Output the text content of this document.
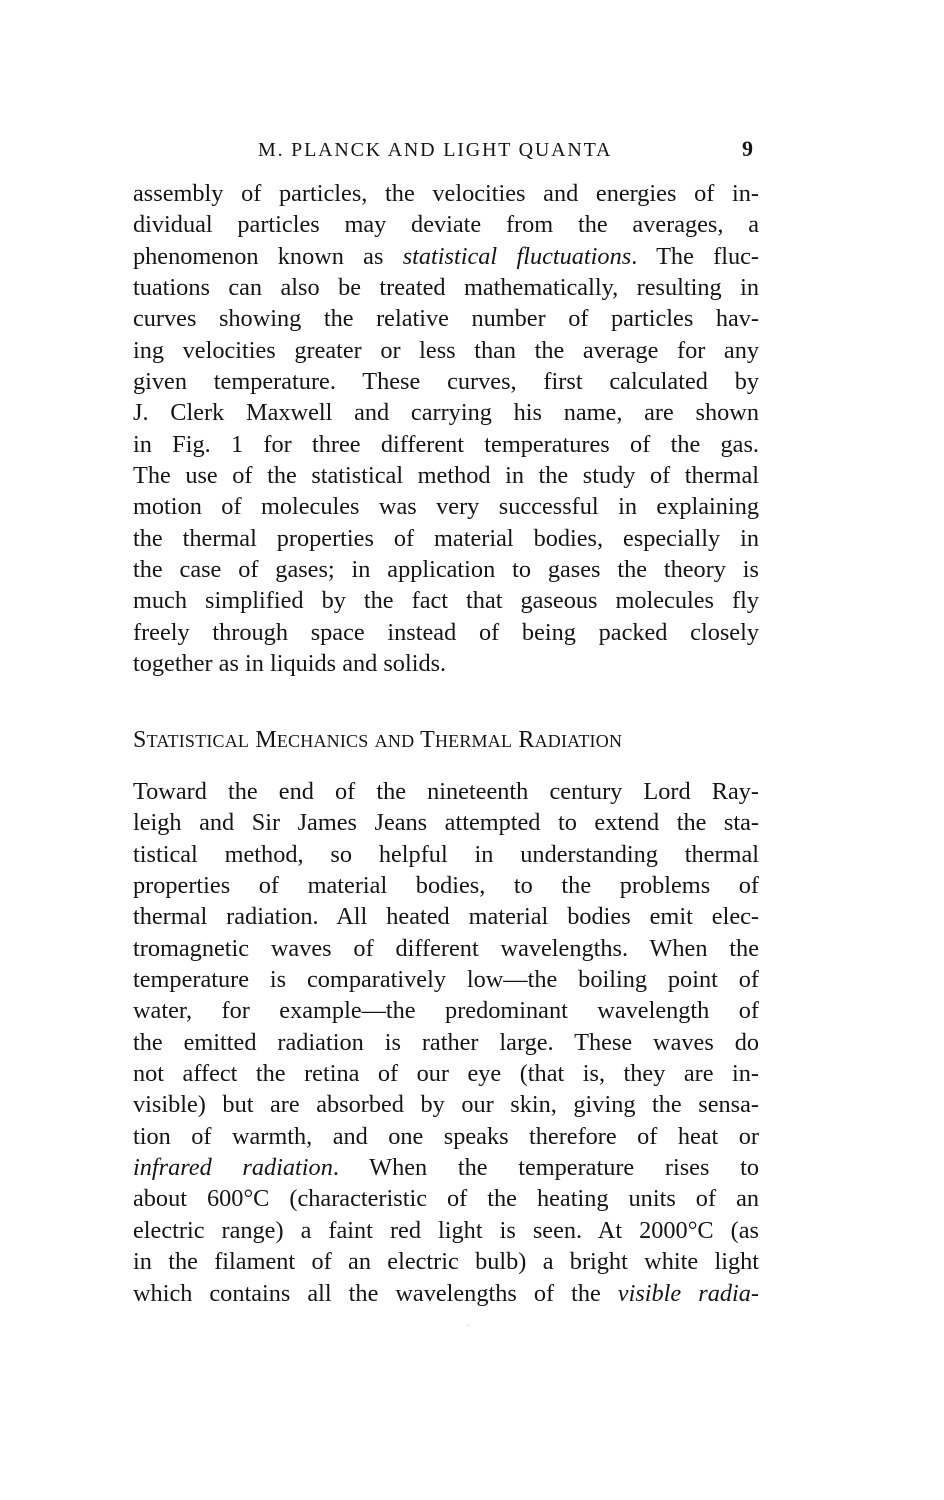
M. PLANCK AND LIGHT QUANTA	9
assembly of particles, the velocities and energies of in-
dividual particles may deviate from the averages, a
phenomenon known as statistical fluctuations. The fluc-
tuations can also be treated mathematically, resulting in
curves showing the relative number of particles hav-
ing velocities greater or less than the average for any
given temperature. These curves, first calculated by
J. Clerk Maxwell and carrying his name, are shown
in Fig. 1 for three different temperatures of the gas.
The use of the statistical method in the study of thermal
motion of molecules was very successful in explaining
the thermal properties of material bodies, especially in
the case of gases; in application to gases the theory is
much simplified by the fact that gaseous molecules fly
freely through space instead of being packed closely
together as in liquids and solids.
STATISTICAL MECHANICS AND THERMAL RADIATION
Toward the end of the nineteenth century Lord Ray-
leigh and Sir James Jeans attempted to extend the sta-
tistical method, so helpful in understanding thermal
properties of material bodies, to the problems of
thermal radiation. All heated material bodies emit elec-
tromagnetic waves of different wavelengths. When the
temperature is comparatively low—the boiling point of
water, for example—the predominant wavelength of
the emitted radiation is rather large. These waves do
not affect the retina of our eye (that is, they are in-
visible) but are absorbed by our skin, giving the sensa-
tion of warmth, and one speaks therefore of heat or
infrared radiation. When the temperature rises to
about 600°C (characteristic of the heating units of an
electric range) a faint red light is seen. At 2000°C (as
in the filament of an electric bulb) a bright white light
which contains all the wavelengths of the visible radia-
